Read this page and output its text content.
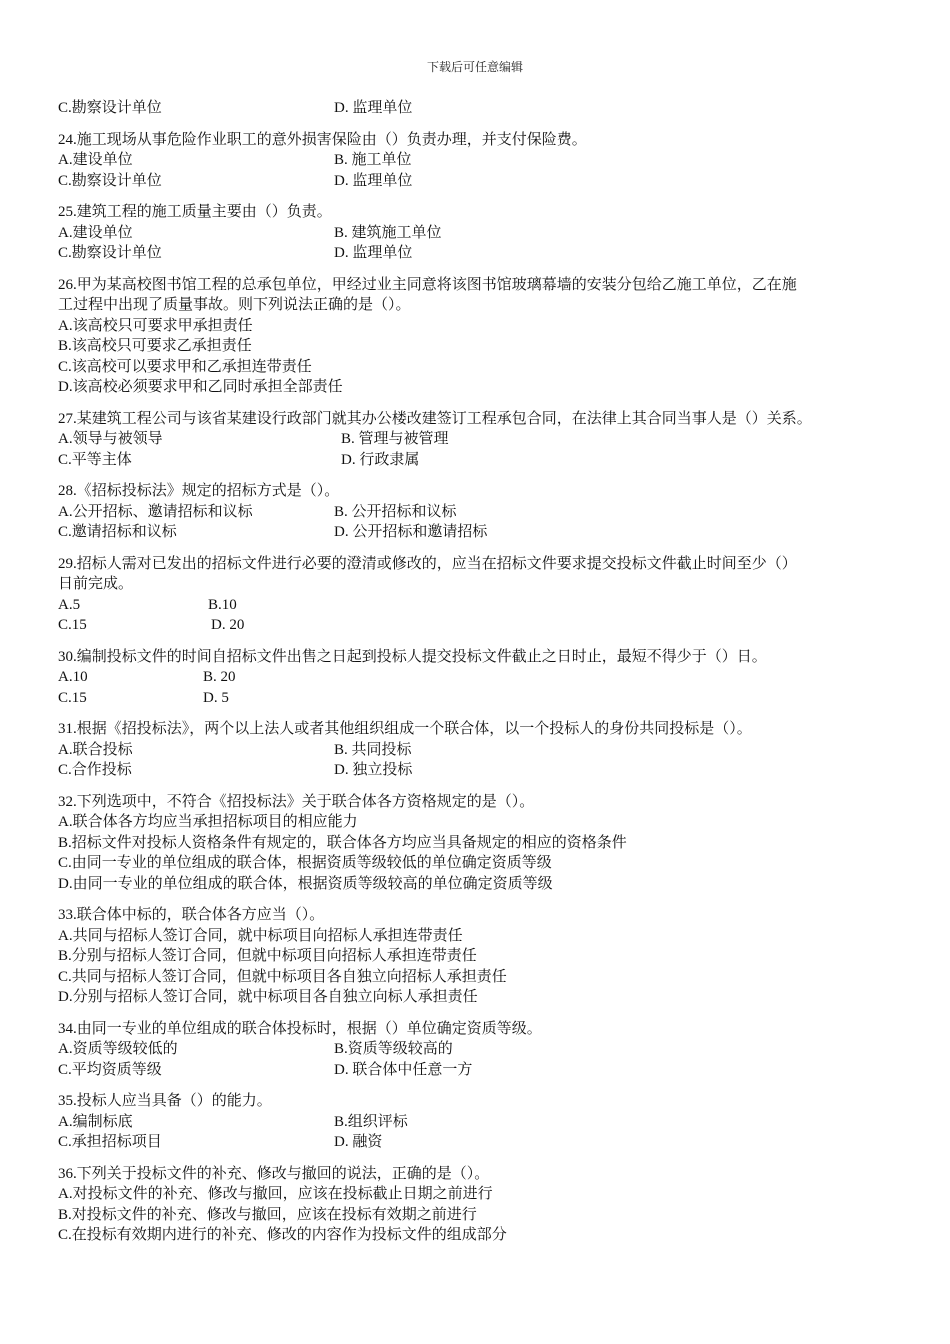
下载后可任意编辑
C.勘察设计单位	D. 监理单位
24.施工现场从事危险作业职工的意外损害保险由（）负责办理，并支付保险费。
A.建设单位	B. 施工单位
C.勘察设计单位	D. 监理单位
25.建筑工程的施工质量主要由（）负责。
A.建设单位	B. 建筑施工单位
C.勘察设计单位	D. 监理单位
26.甲为某高校图书馆工程的总承包单位，甲经过业主同意将该图书馆玻璃幕墙的安装分包给乙施工单位，乙在施
工过程中出现了质量事故。则下列说法正确的是（）。
A.该高校只可要求甲承担责任
B.该高校只可要求乙承担责任
C.该高校可以要求甲和乙承担连带责任
D.该高校必须要求甲和乙同时承担全部责任
27.某建筑工程公司与该省某建设行政部门就其办公楼改建签订工程承包合同，在法律上其合同当事人是（）关系。
A.领导与被领导	B. 管理与被管理
C.平等主体	D. 行政隶属
28.《招标投标法》规定的招标方式是（）。
A.公开招标、邀请招标和议标	B. 公开招标和议标
C.邀请招标和议标	D. 公开招标和邀请招标
29.招标人需对已发出的招标文件进行必要的澄清或修改的，应当在招标文件要求提交投标文件截止时间至少（）
日前完成。
A.5	B.10
C.15	D. 20
30.编制投标文件的时间自招标文件出售之日起到投标人提交投标文件截止之日时止，最短不得少于（）日。
A.10	B. 20
C.15	D. 5
31.根据《招投标法》，两个以上法人或者其他组织组成一个联合体，以一个投标人的身份共同投标是（）。
A.联合投标	B. 共同投标
C.合作投标	D. 独立投标
32.下列选项中，不符合《招投标法》关于联合体各方资格规定的是（）。
A.联合体各方均应当承担招标项目的相应能力
B.招标文件对投标人资格条件有规定的，联合体各方均应当具备规定的相应的资格条件
C.由同一专业的单位组成的联合体，根据资质等级较低的单位确定资质等级
D.由同一专业的单位组成的联合体，根据资质等级较高的单位确定资质等级
33.联合体中标的，联合体各方应当（）。
A.共同与招标人签订合同，就中标项目向招标人承担连带责任
B.分别与招标人签订合同，但就中标项目向招标人承担连带责任
C.共同与招标人签订合同，但就中标项目各自独立向招标人承担责任
D.分别与招标人签订合同，就中标项目各自独立向标人承担责任
34.由同一专业的单位组成的联合体投标时，根据（）单位确定资质等级。
A.资质等级较低的	B.资质等级较高的
C.平均资质等级	D. 联合体中任意一方
35.投标人应当具备（）的能力。
A.编制标底	B.组织评标
C.承担招标项目	D. 融资
36.下列关于投标文件的补充、修改与撤回的说法，正确的是（）。
A.对投标文件的补充、修改与撤回，应该在投标截止日期之前进行
B.对投标文件的补充、修改与撤回，应该在投标有效期之前进行
C.在投标有效期内进行的补充、修改的内容作为投标文件的组成部分
